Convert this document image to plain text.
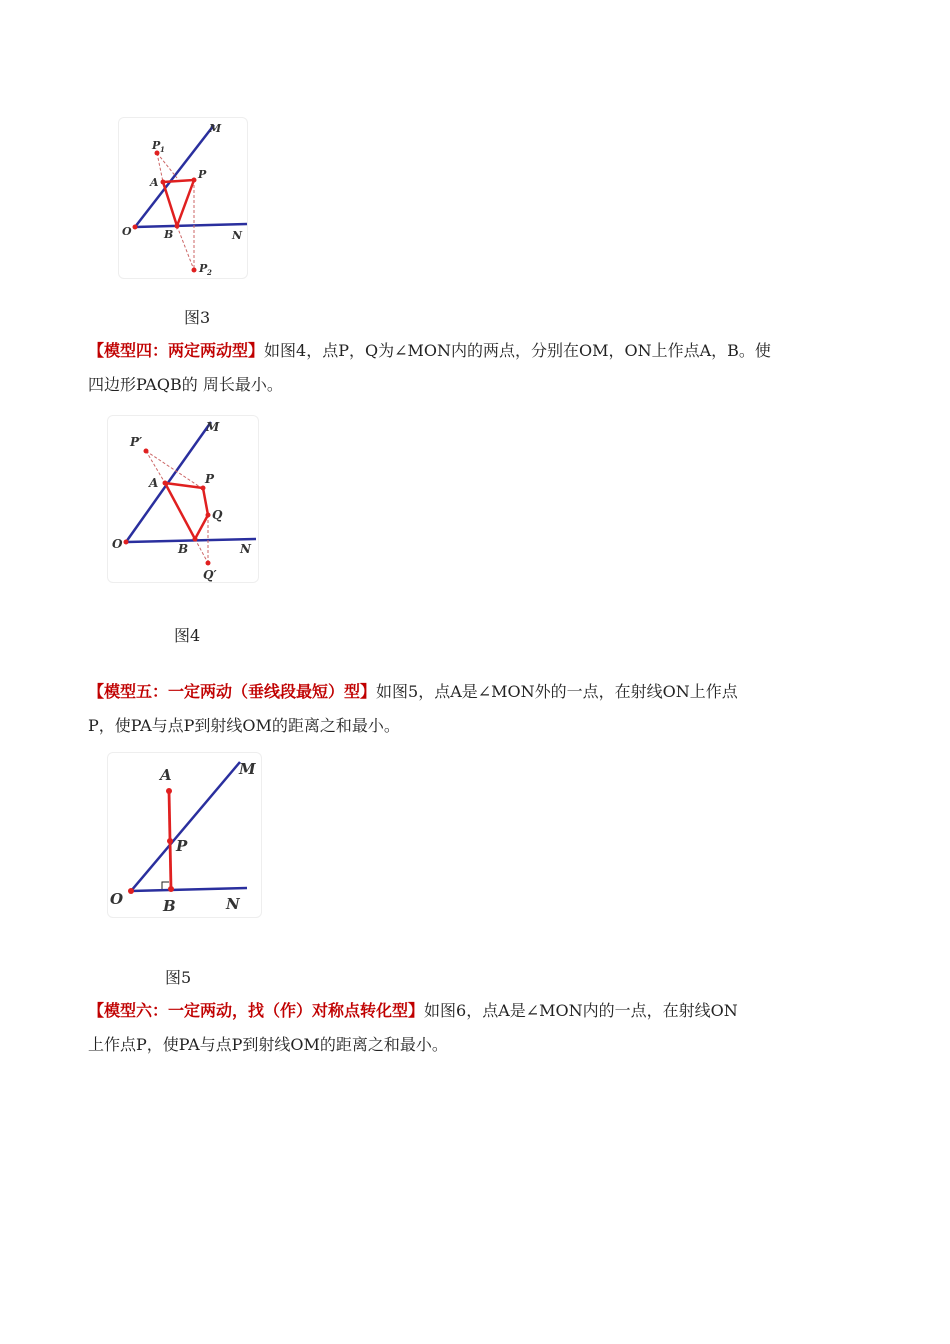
M
P 1
A
P
O	B	N
P 2
图3
【模型四：两定两动型】如图4，点P，Q为∠MON内的两点，分别在OM，ON上作点A，B。使
四边形PAQB的 周长最小。
P′
M
A	P
Q
O	B	N
Q′
图4
【模型五：一定两动（垂线段最短）型】如图5，点A是∠MON外的一点，在射线ON上作点
P，使PA与点P到射线OM的距离之和最小。
A	M
P
O	B	N
图5
【模型六：一定两动，找（作）对称点转化型】如图6，点A是∠MON内的一点，在射线ON
上作点P，使PA与点P到射线OM的距离之和最小。
